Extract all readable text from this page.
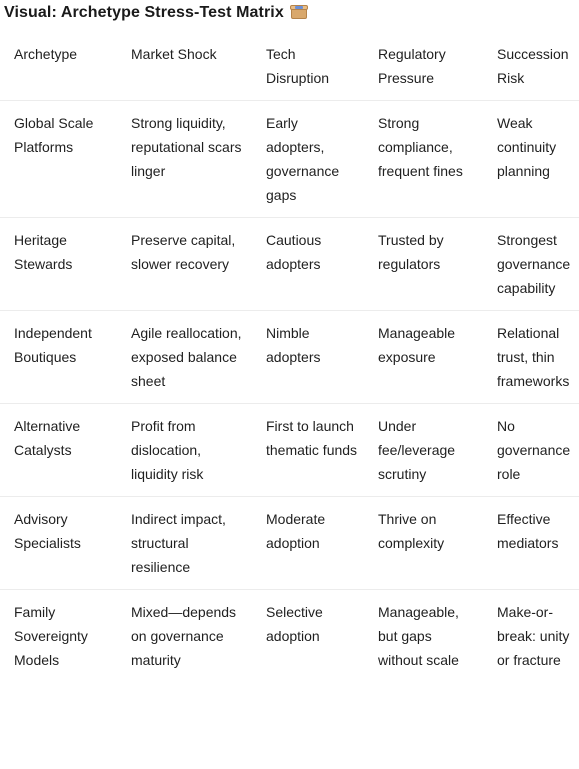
Visual: Archetype Stress-Test Matrix
Archetype	Market Shock	Tech Disruption	Regulatory Pressure	Succession Risk
Global Scale Platforms	Strong liquidity, reputational scars linger	Early adopters, governance gaps	Strong compliance, frequent fines	Weak continuity planning
Heritage Stewards	Preserve capital, slower recovery	Cautious adopters	Trusted by regulators	Strongest governance capability
Independent Boutiques	Agile reallocation, exposed balance sheet	Nimble adopters	Manageable exposure	Relational trust, thin frameworks
Alternative Catalysts	Profit from dislocation, liquidity risk	First to launch thematic funds	Under fee/leverage scrutiny	No governance role
Advisory Specialists	Indirect impact, structural resilience	Moderate adoption	Thrive on complexity	Effective mediators
Family Sovereignty Models	Mixed—depends on governance maturity	Selective adoption	Manageable, but gaps without scale	Make-or-break: unity or fracture
